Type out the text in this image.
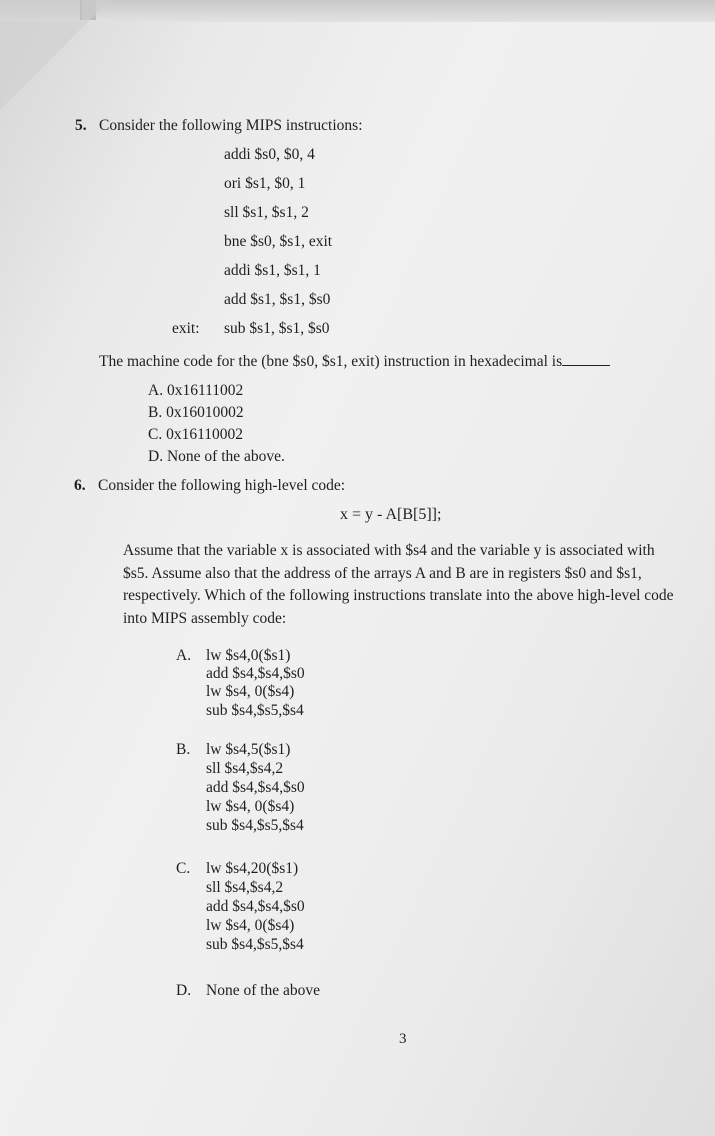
5. Consider the following MIPS instructions:
addi $s0, $0, 4
ori $s1, $0, 1
sll $s1, $s1, 2
bne $s0, $s1, exit
addi $s1, $s1, 1
add $s1, $s1, $s0
exit: sub $s1, $s1, $s0
The machine code for the (bne $s0, $s1, exit) instruction in hexadecimal is
A. 0x16111002
B. 0x16010002
C. 0x16110002
D. None of the above.
6. Consider the following high-level code:
x = y - A[B[5]];
Assume that the variable x is associated with $s4 and the variable y is associated with
$s5. Assume also that the address of the arrays A and B are in registers $s0 and $s1,
respectively. Which of the following instructions translate into the above high-level code
into MIPS assembly code:
A. lw $s4,0($s1)
add $s4,$s4,$s0
lw $s4, 0($s4)
sub $s4,$s5,$s4
B. lw $s4,5($s1)
sll $s4,$s4,2
add $s4,$s4,$s0
lw $s4, 0($s4)
sub $s4,$s5,$s4
C. lw $s4,20($s1)
sll $s4,$s4,2
add $s4,$s4,$s0
lw $s4, 0($s4)
sub $s4,$s5,$s4
D. None of the above
3
